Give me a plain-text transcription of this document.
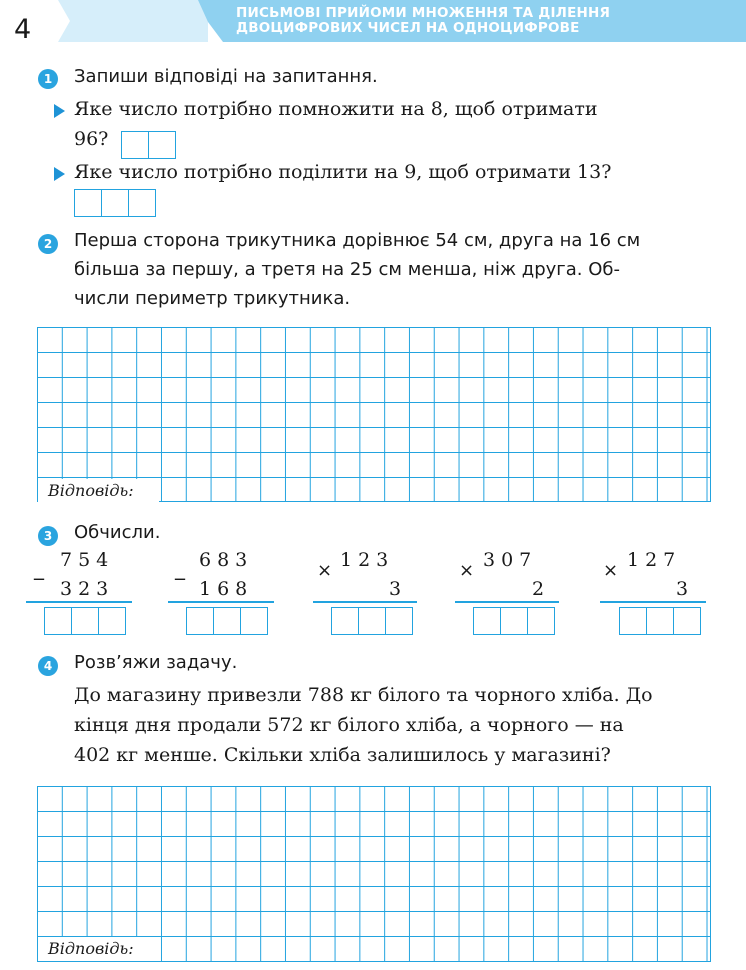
4
ПИСЬМОВІ ПРИЙОМИ МНОЖЕННЯ ТА ДІЛЕННЯ
ДВОЦИФРОВИХ ЧИСЕЛ НА ОДНОЦИФРОВЕ
1	Запиши відповіді на запитання.
Яке число потрібно помножити на 8, щоб отримати
96?
Яке число потрібно поділити на 9, щоб отримати 13?
2	Перша сторона трикутника дорівнює 54 см, друга на 16 см
більша за першу, а третя на 25 см менша, ніж друга. Об-
числи периметр трикутника.
Відповідь:
3	Обчисли.
_ 754
323
_ 683
168
× 123
3
× 307
2
× 127
3
4	Розв’яжи задачу.
До магазину привезли 788 кг білого та чорного хліба. До
кінця дня продали 572 кг білого хліба, а чорного — на
402 кг менше. Скільки хліба залишилось у магазині?
Відповідь:
